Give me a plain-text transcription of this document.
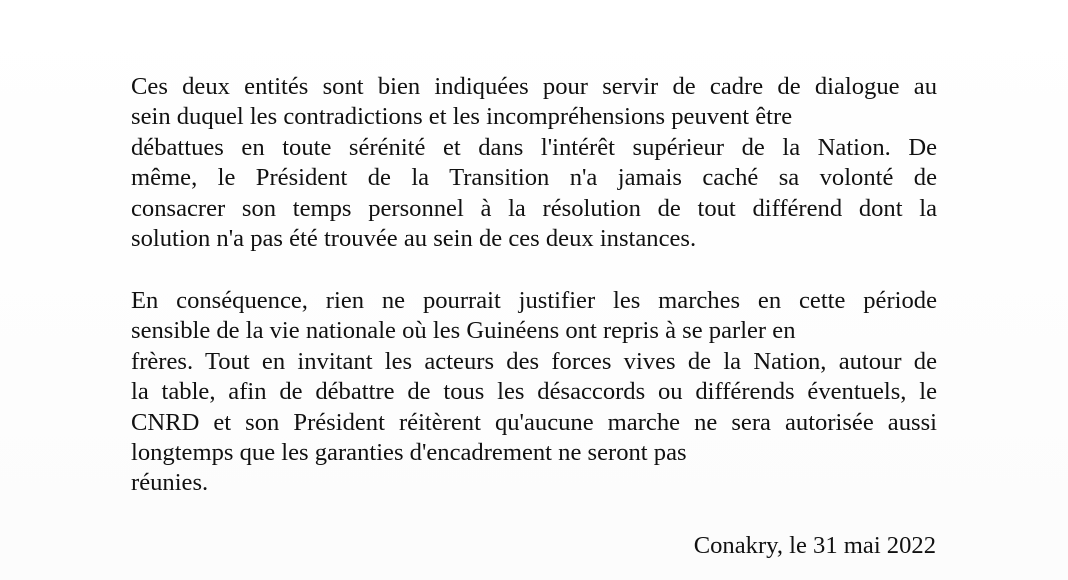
Ces deux entités sont bien indiquées pour servir de cadre de dialogue au
sein duquel les contradictions et les incompréhensions peuvent être
débattues en toute sérénité et dans l'intérêt supérieur de la Nation. De
même, le Président de la Transition n'a jamais caché sa volonté de
consacrer son temps personnel à la résolution de tout différend dont la
solution n'a pas été trouvée au sein de ces deux instances.
En conséquence, rien ne pourrait justifier les marches en cette période
sensible de la vie nationale où les Guinéens ont repris à se parler en
frères. Tout en invitant les acteurs des forces vives de la Nation, autour de
la table, afin de débattre de tous les désaccords ou différends éventuels, le
CNRD et son Président réitèrent qu'aucune marche ne sera autorisée aussi
longtemps que les garanties d'encadrement ne seront pas
réunies.
Conakry, le 31 mai 2022
